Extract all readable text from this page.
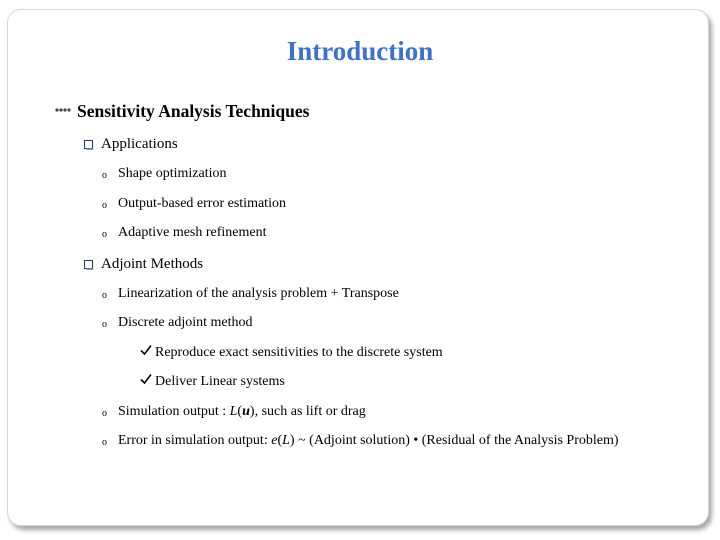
Introduction
Sensitivity Analysis Techniques
Applications
o Shape optimization
o Output-based error estimation
o Adaptive mesh refinement
Adjoint Methods
o Linearization of the analysis problem + Transpose
o Discrete adjoint method
Reproduce exact sensitivities to the discrete system
Deliver Linear systems
o Simulation output : L(u), such as lift or drag
o Error in simulation output: e(L) ~ (Adjoint solution) • (Residual of the Analysis Problem)
